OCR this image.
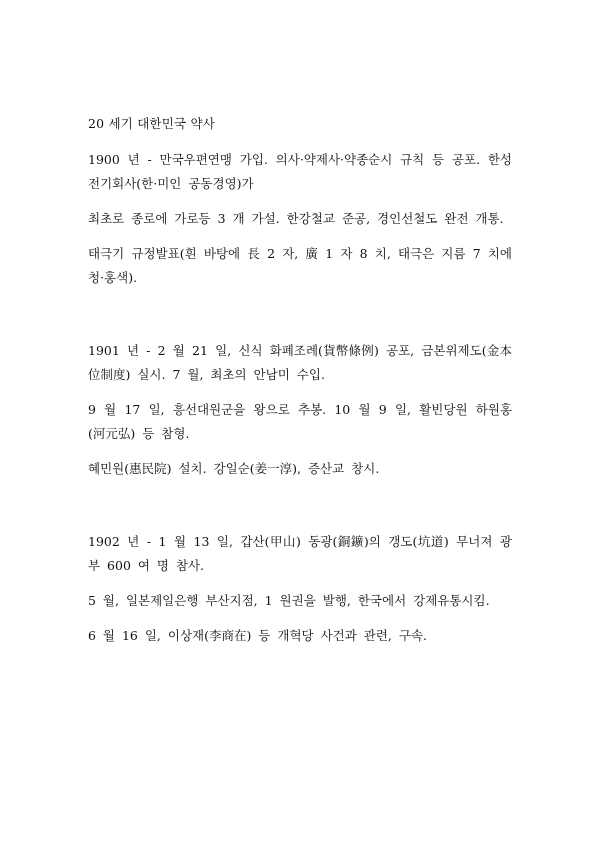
20 세기 대한민국 약사
1900 년 - 만국우편연맹 가입. 의사·약제사·약종순시 규칙 등 공포. 한성전기회사(한·미인 공동경영)가
최초로 종로에 가로등 3 개 가설. 한강철교 준공, 경인선철도 완전 개통.
태극기 규정발표(흰 바탕에 長 2 자, 廣 1 자 8 치, 태극은 지름 7 치에 청·홍색).
1901 년 - 2 월 21 일, 신식 화폐조례(貨幣條例) 공포, 금본위제도(金本位制度) 실시. 7 월, 최초의 안남미 수입.
9 월 17 일, 흥선대원군을 왕으로 추봉. 10 월 9 일, 활빈당원 하원홍(河元弘) 등 참형.
혜민원(惠民院) 설치. 강일순(姜一淳), 증산교 창시.
1902 년 - 1 월 13 일, 갑산(甲山) 동광(銅鑛)의 갱도(坑道) 무너져 광부 600 여 명 참사.
5 월, 일본제일은행 부산지점, 1 원권을 발행, 한국에서 강제유통시킴.
6 월 16 일, 이상재(李商在) 등 개혁당 사건과 관련, 구속.
